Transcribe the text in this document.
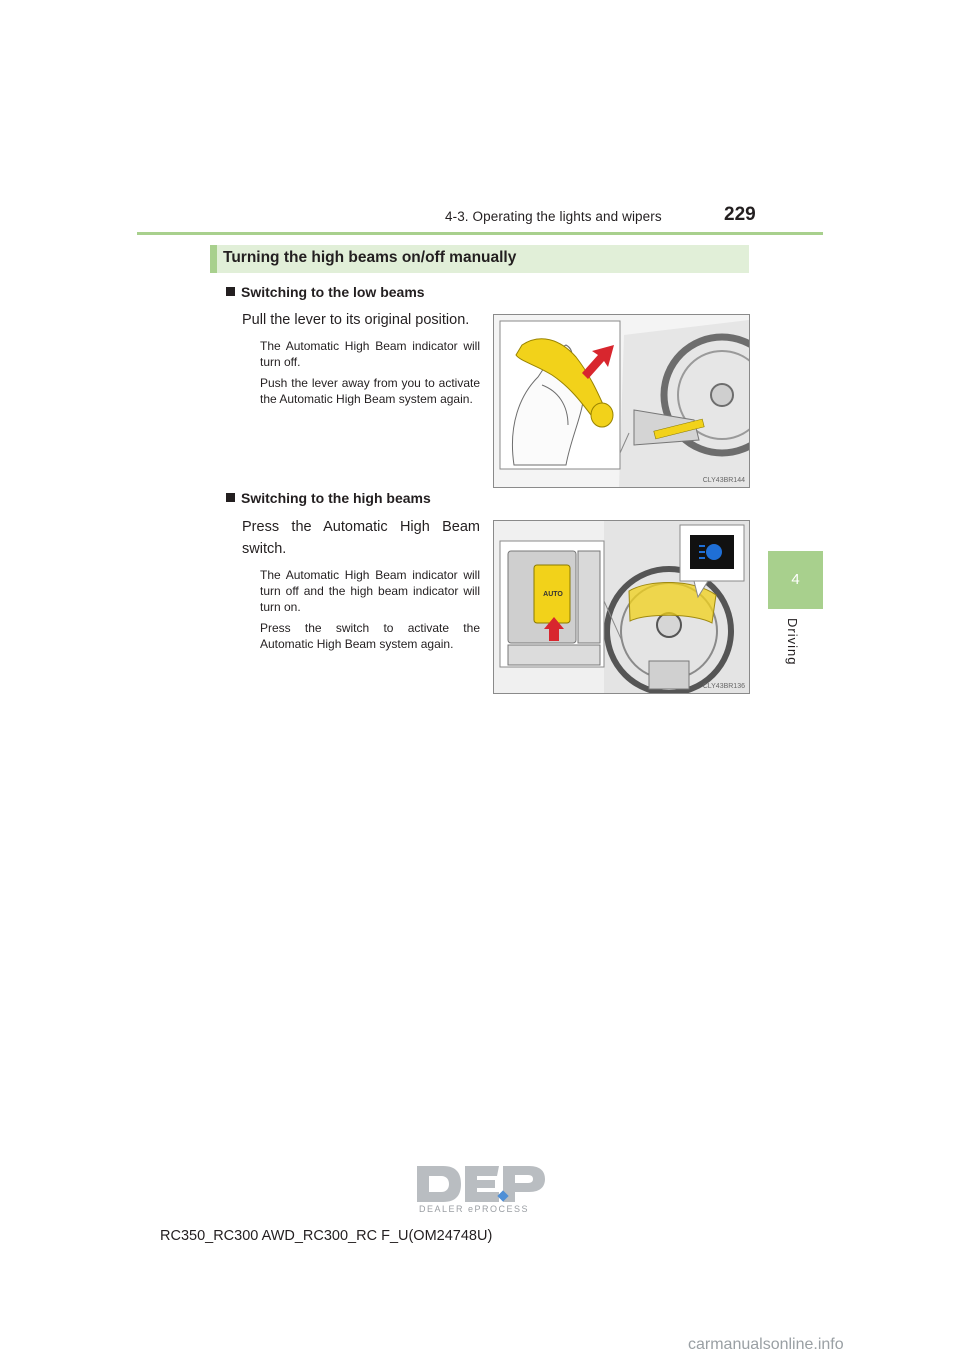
4-3. Operating the lights and wipers	229
4
Driving
Turning the high beams on/off manually
Switching to the low beams
Pull the lever to its original position.
The Automatic High Beam indicator will turn off.
Push the lever away from you to activate the Automatic High Beam system again.
CLY43BR144
Switching to the high beams
Press the Automatic High Beam switch.
The Automatic High Beam indicator will turn off and the high beam indicator will turn on.
Press the switch to activate the Automatic High Beam system again.
AUTO
CLY43BR136
DEALER ePROCESS
RC350_RC300 AWD_RC300_RC F_U(OM24748U)
carmanualsonline.info
